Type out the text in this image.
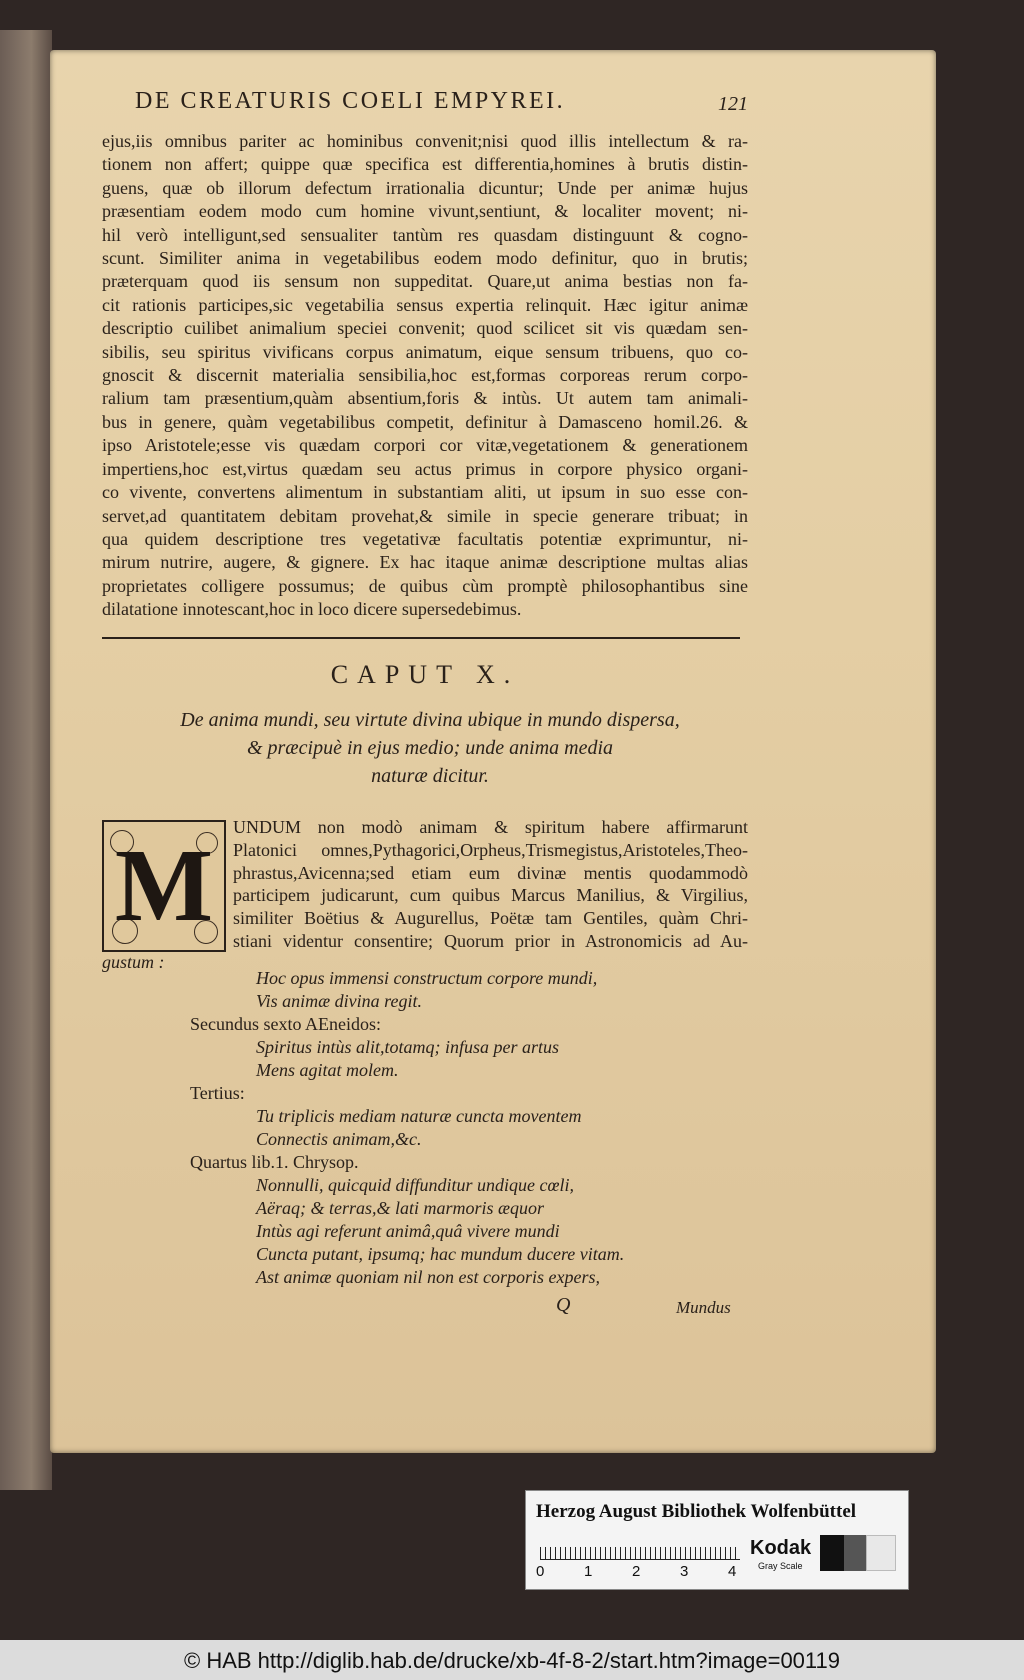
DE CREATURIS COELI EMPYREI.	121

ejus,iis omnibus pariter ac hominibus convenit;nisi quod illis intellectum & ra-

tionem non affert; quippe quæ specifica est differentia,homines à brutis distin-

guens, quæ ob illorum defectum irrationalia dicuntur; Unde per animæ hujus

præsentiam eodem modo cum homine vivunt,sentiunt, & localiter movent; ni-

hil verò intelligunt,sed sensualiter tantùm res quasdam distinguunt & cogno-

scunt. Similiter anima in vegetabilibus eodem modo definitur, quo in brutis;

præterquam quod iis sensum non suppeditat. Quare,ut anima bestias non fa-

cit rationis participes,sic vegetabilia sensus expertia relinquit. Hæc igitur animæ

descriptio cuilibet animalium speciei convenit; quod scilicet sit vis quædam sen-

sibilis, seu spiritus vivificans corpus animatum, eique sensum tribuens, quo co-

gnoscit & discernit materialia sensibilia,hoc est,formas corporeas rerum corpo-

ralium tam præsentium,quàm absentium,foris & intùs. Ut autem tam animali-

bus in genere, quàm vegetabilibus competit, definitur à Damasceno homil.26. &

ipso Aristotele;esse vis quædam corpori cor vitæ,vegetationem & generationem

impertiens,hoc est,virtus quædam seu actus primus in corpore physico organi-

co vivente, convertens alimentum in substantiam aliti, ut ipsum in suo esse con-

servet,ad quantitatem debitam provehat,& simile in specie generare tribuat; in

qua quidem descriptione tres vegetativæ facultatis potentiæ exprimuntur, ni-

mirum nutrire, augere, & gignere. Ex hac itaque animæ descriptione multas alias

proprietates colligere possumus; de quibus cùm promptè philosophantibus sine

dilatatione innotescant,hoc in loco dicere supersedebimus.

CAPUT X.
De anima mundi, seu virtute divina ubique in mundo dispersa,
& præcipuè in ejus medio; unde anima media
naturæ dicitur.
M
UNDUM non modò animam & spiritum habere affirmarunt
Platonici omnes,Pythagorici,Orpheus,Trismegistus,Aristoteles,Theo-
phrastus,Avicenna;sed etiam eum divinæ mentis quodammodò
participem judicarunt, cum quibus Marcus Manilius, & Virgilius,
similiter Boëtius & Augurellus, Poëtæ tam Gentiles, quàm Chri-
stiani videntur consentire; Quorum prior in Astronomicis ad Au-
gustum :
Hoc opus immensi constructum corpore mundi,
Vis animæ divina regit.
Secundus sexto AEneidos:
Spiritus intùs alit,totamq; infusa per artus
Mens agitat molem.
Tertius:
Tu triplicis mediam naturæ cuncta moventem
Connectis animam,&c.
Quartus lib.1. Chrysop.
Nonnulli, quicquid diffunditur undique cœli,
Aëraq; & terras,& lati marmoris æquor
Intùs agi referunt animâ,quâ vivere mundi
Cuncta putant, ipsumq; hac mundum ducere vitam.
Ast animæ quoniam nil non est corporis expers,
Q	Mundus
Herzog August Bibliothek Wolfenbüttel
0	1	2	3	4
Kodak
Gray Scale
© HAB http://diglib.hab.de/drucke/xb-4f-8-2/start.htm?image=00119
